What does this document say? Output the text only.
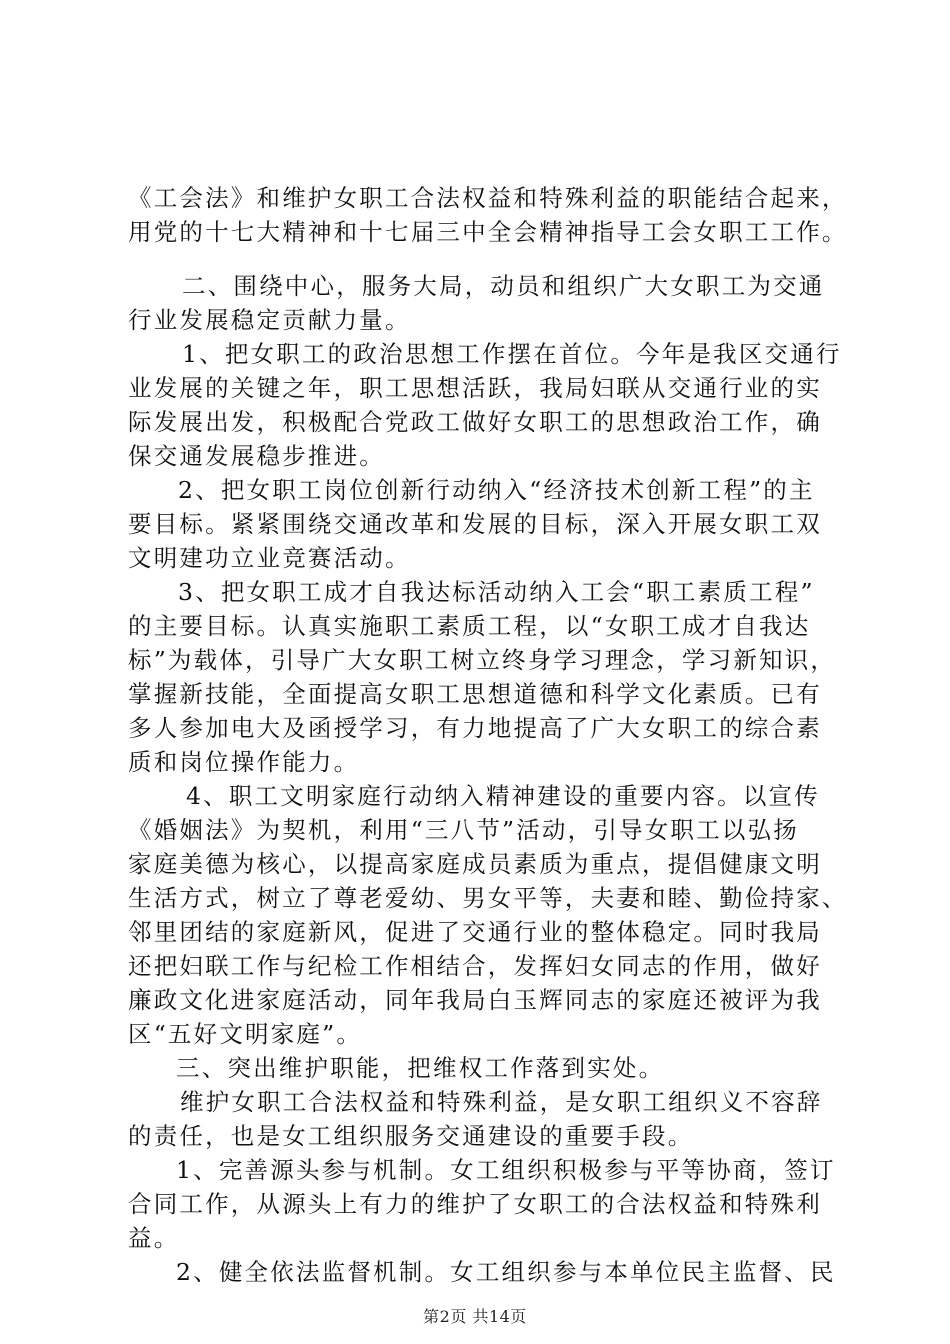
《工会法》和维护女职工合法权益和特殊利益的职能结合起来，
用党的十七大精神和十七届三中全会精神指导工会女职工工作。
二、围绕中心，服务大局，动员和组织广大女职工为交通
行业发展稳定贡献力量。
1、把女职工的政治思想工作摆在首位。今年是我区交通行
业发展的关键之年，职工思想活跃，我局妇联从交通行业的实
际发展出发，积极配合党政工做好女职工的思想政治工作，确
保交通发展稳步推进。
2、把女职工岗位创新行动纳入“经济技术创新工程”的主
要目标。紧紧围绕交通改革和发展的目标，深入开展女职工双
文明建功立业竞赛活动。
3、把女职工成才自我达标活动纳入工会“职工素质工程”
的主要目标。认真实施职工素质工程，以“女职工成才自我达
标”为载体，引导广大女职工树立终身学习理念，学习新知识，
掌握新技能，全面提高女职工思想道德和科学文化素质。已有
多人参加电大及函授学习，有力地提高了广大女职工的综合素
质和岗位操作能力。
4、职工文明家庭行动纳入精神建设的重要内容。以宣传
《婚姻法》为契机，利用“三八节”活动，引导女职工以弘扬
家庭美德为核心，以提高家庭成员素质为重点，提倡健康文明
生活方式，树立了尊老爱幼、男女平等，夫妻和睦、勤俭持家、
邻里团结的家庭新风，促进了交通行业的整体稳定。同时我局
还把妇联工作与纪检工作相结合，发挥妇女同志的作用，做好
廉政文化进家庭活动，同年我局白玉辉同志的家庭还被评为我
区“五好文明家庭”。
三、突出维护职能，把维权工作落到实处。
维护女职工合法权益和特殊利益，是女职工组织义不容辞
的责任，也是女工组织服务交通建设的重要手段。
1、完善源头参与机制。女工组织积极参与平等协商，签订
合同工作，从源头上有力的维护了女职工的合法权益和特殊利
益。
2、健全依法监督机制。女工组织参与本单位民主监督、民
第2页 共14页
